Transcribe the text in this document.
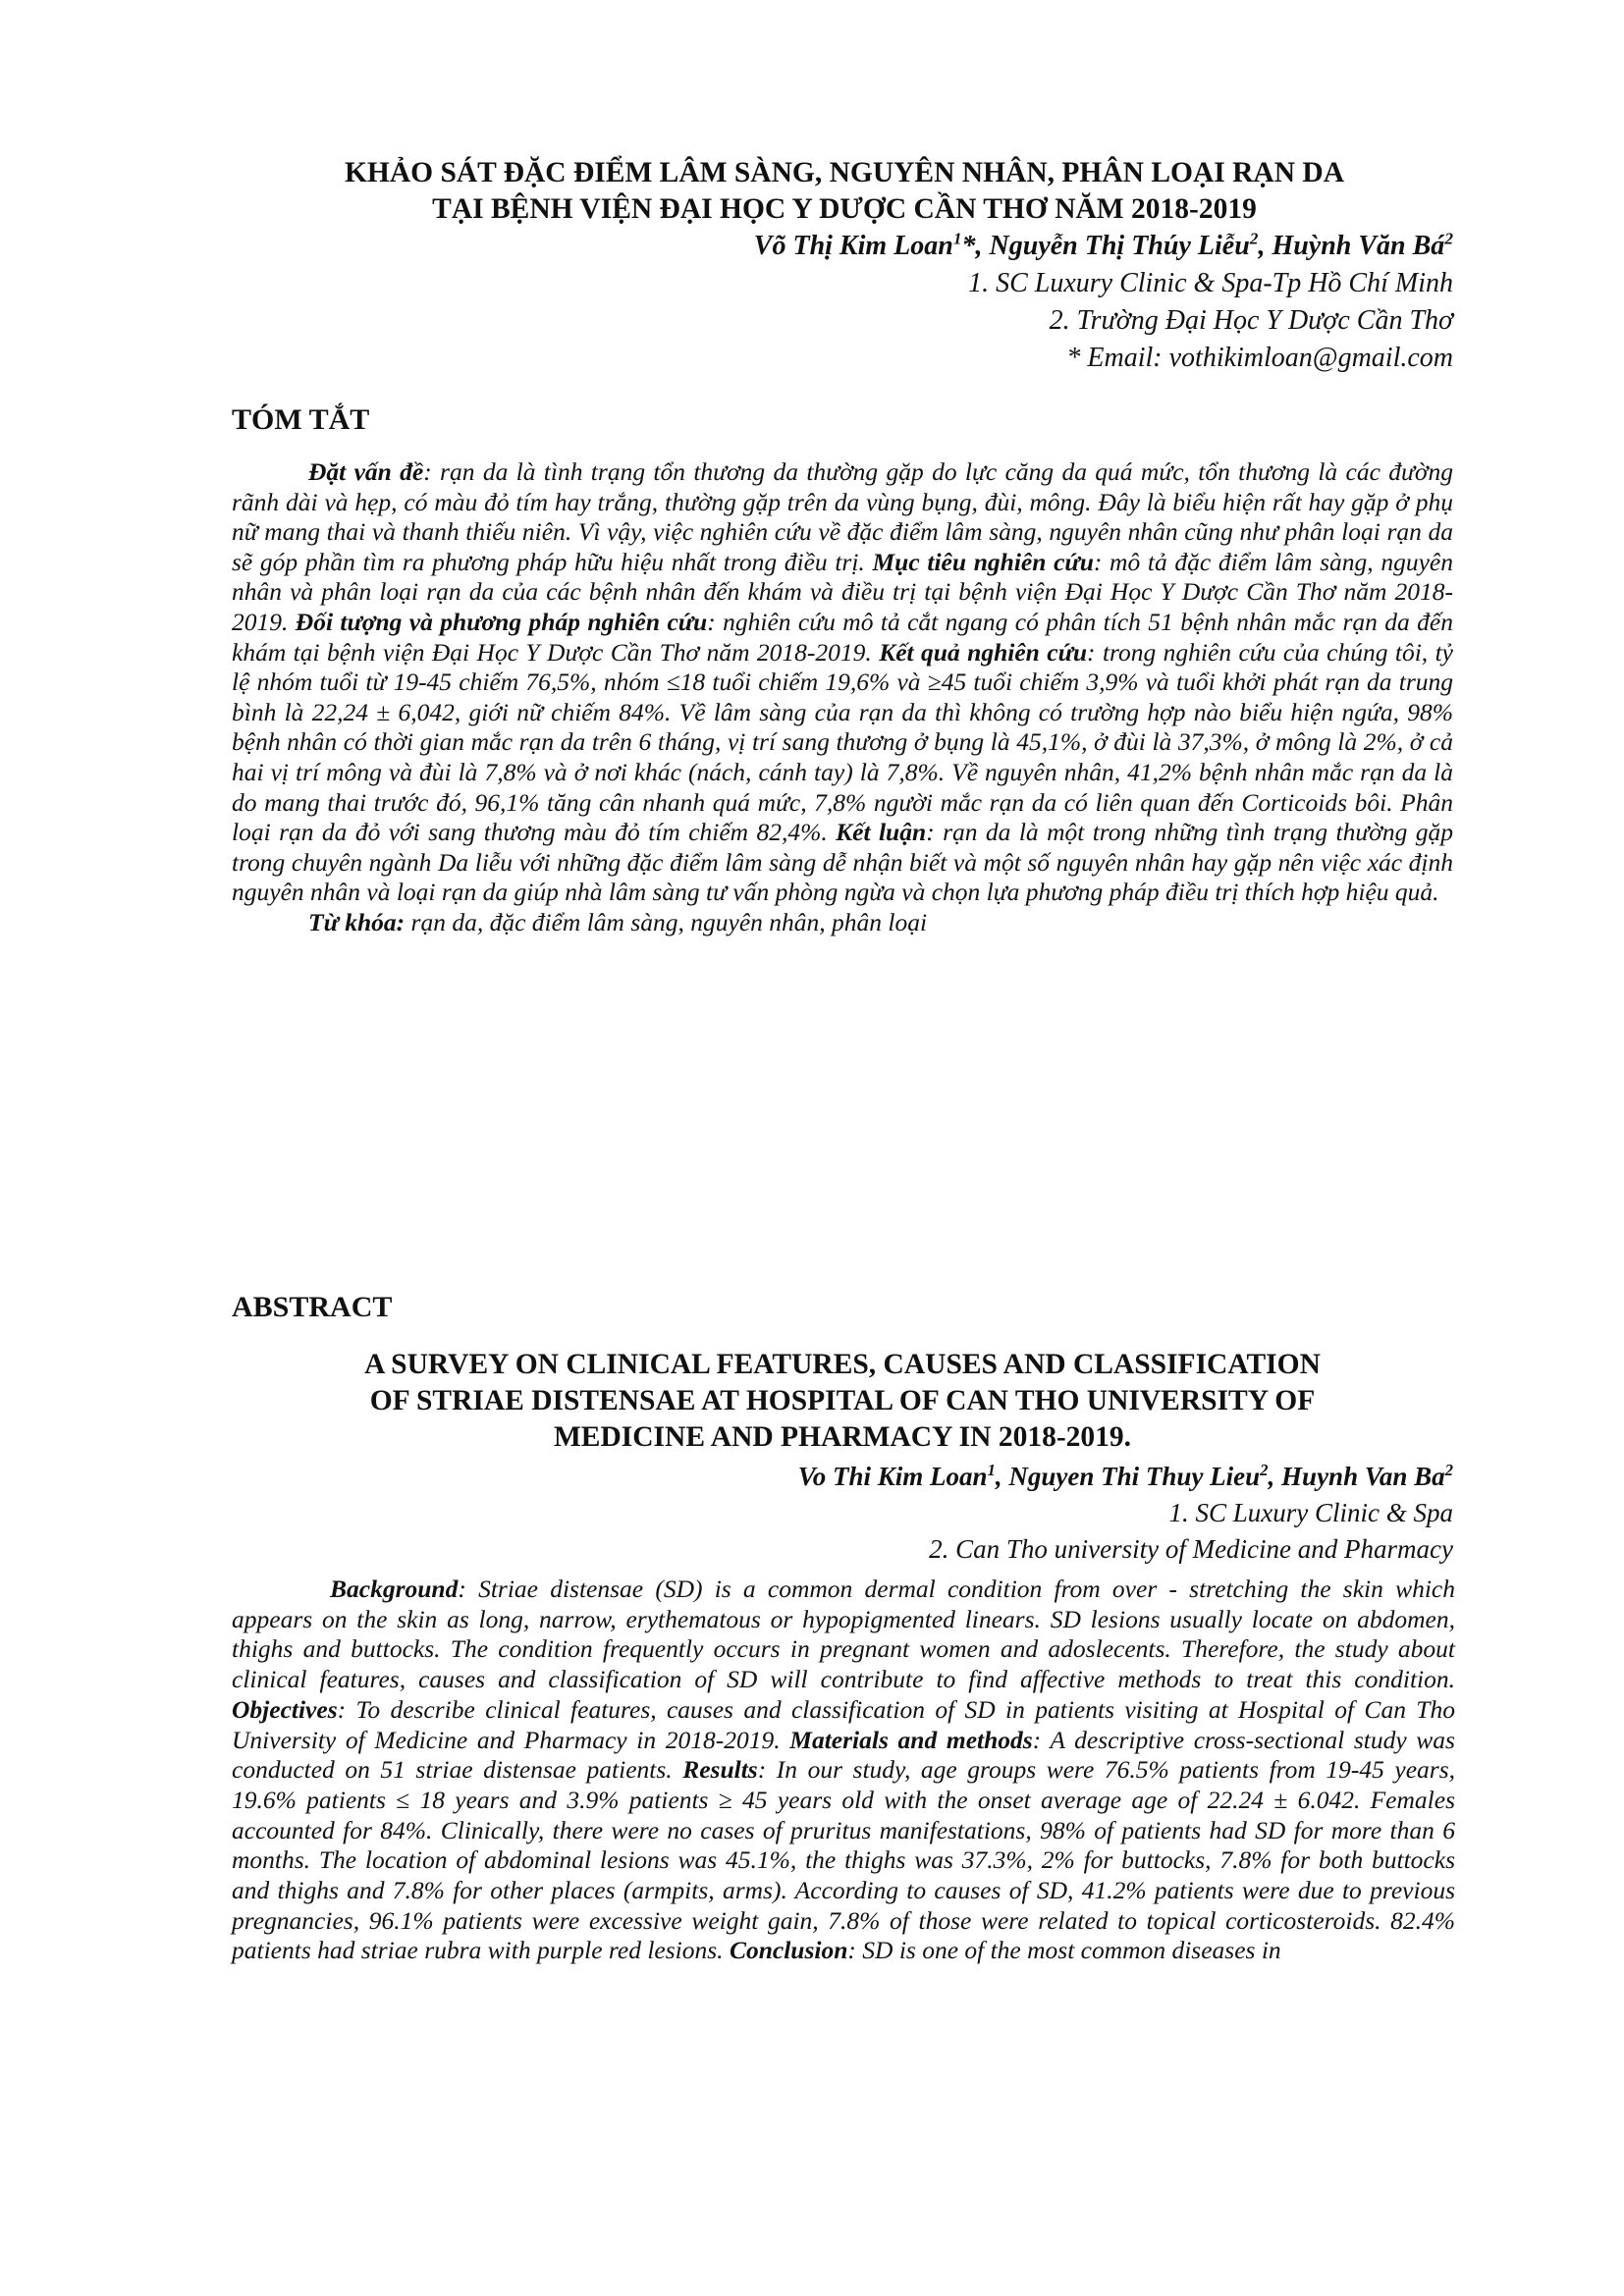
KHẢO SÁT ĐẶC ĐIỂM LÂM SÀNG, NGUYÊN NHÂN, PHÂN LOẠI RẠN DA
TẠI BỆNH VIỆN ĐẠI HỌC Y DƯỢC CẦN THƠ NĂM 2018-2019
Võ Thị Kim Loan$^1$*, Nguyễn Thị Thúy Liễu$^2$, Huỳnh Văn $Bá^2$
1. SC Luxury Clinic & Spa-Tp Hồ Chí Minh
2. Trường Đại Học Y Dược Cần Thơ
* Email: vothikimloan@gmail.com
TÓM TẮT

Đặt vấn đề: rạn da là tình trạng tổn thương da thường gặp do lực căng da quá mức, tổn thương là các đường rãnh dài và hẹp, có màu đỏ tím hay trắng, thường gặp trên da vùng bụng, đùi, mông. Đây là biểu hiện rất hay gặp ở phụ nữ mang thai và thanh thiếu niên. Vì vậy, việc nghiên cứu về đặc điểm lâm sàng, nguyên nhân cũng như phân loại rạn da sẽ góp phần tìm ra phương pháp hữu hiệu nhất trong điều trị. Mục tiêu nghiên cứu: mô tả đặc điểm lâm sàng, nguyên nhân và phân loại rạn da của các bệnh nhân đến khám và điều trị tại bệnh viện Đại Học Y Dược Cần Thơ năm 2018-2019. Đối tượng và phương pháp nghiên cứu: nghiên cứu mô tả cắt ngang có phân tích 51 bệnh nhân mắc rạn da đến khám tại bệnh viện Đại Học Y Dược Cần Thơ năm 2018-2019. Kết quả nghiên cứu: trong nghiên cứu của chúng tôi, tỷ lệ nhóm tuổi từ 19-45 chiếm 76,5%, nhóm ≤18 tuổi chiếm 19,6% và ≥45 tuổi chiếm 3,9% và tuổi khởi phát rạn da trung bình là 22,24 ± 6,042, giới nữ chiếm 84%. Về lâm sàng của rạn da thì không có trường hợp nào biểu hiện ngứa, 98% bệnh nhân có thời gian mắc rạn da trên 6 tháng, vị trí sang thương ở bụng là 45,1%, ở đùi là 37,3%, ở mông là 2%, ở cả hai vị trí mông và đùi là 7,8% và ở nơi khác (nách, cánh tay) là 7,8%. Về nguyên nhân, 41,2% bệnh nhân mắc rạn da là do mang thai trước đó, 96,1% tăng cân nhanh quá mức, 7,8% người mắc rạn da có liên quan đến Corticoids bôi. Phân loại rạn da đỏ với sang thương màu đỏ tím chiếm 82,4%. Kết luận: rạn da là một trong những tình trạng thường gặp trong chuyên ngành Da liễu với những đặc điểm lâm sàng dễ nhận biết và một số nguyên nhân hay gặp nên việc xác định nguyên nhân và loại rạn da giúp nhà lâm sàng tư vấn phòng ngừa và chọn lựa phương pháp điều trị thích hợp hiệu quả.

Từ khóa: rạn da, đặc điểm lâm sàng, nguyên nhân, phân loại

ABSTRACT
A SURVEY ON CLINICAL FEATURES, CAUSES AND CLASSIFICATION
OF STRIAE DISTENSAE AT HOSPITAL OF CAN THO UNIVERSITY OF
MEDICINE AND PHARMACY IN 2018-2019.
Vo Thi Kim Loan$^1$, Nguyen Thi Thuy Lieu$^2$, Huynh Van Ba$^2$
1. SC Luxury Clinic & Spa
2. Can Tho university of Medicine and Pharmacy

Background: Striae distensae (SD) is a common dermal condition from over - stretching the skin which appears on the skin as long, narrow, erythematous or hypopigmented linears. SD lesions usually locate on abdomen, thighs and buttocks. The condition frequently occurs in pregnant women and adoslecents. Therefore, the study about clinical features, causes and classification of SD will contribute to find affective methods to treat this condition. Objectives: To describe clinical features, causes and classification of SD in patients visiting at Hospital of Can Tho University of Medicine and Pharmacy in 2018-2019. Materials and methods: A descriptive cross-sectional study was conducted on 51 striae distensae patients. Results: In our study, age groups were 76.5% patients from 19-45 years, 19.6% patients ≤ 18 years and 3.9% patients ≥ 45 years old with the onset average age of 22.24 ± 6.042. Females accounted for 84%. Clinically, there were no cases of pruritus manifestations, 98% of patients had SD for more than 6 months. The location of abdominal lesions was 45.1%, the thighs was 37.3%, 2% for buttocks, 7.8% for both buttocks and thighs and 7.8% for other places (armpits, arms). According to causes of SD, 41.2% patients were due to previous pregnancies, 96.1% patients were excessive weight gain, 7.8% of those were related to topical corticosteroids. 82.4% patients had striae rubra with purple red lesions. Conclusion: SD is one of the most common diseases in
